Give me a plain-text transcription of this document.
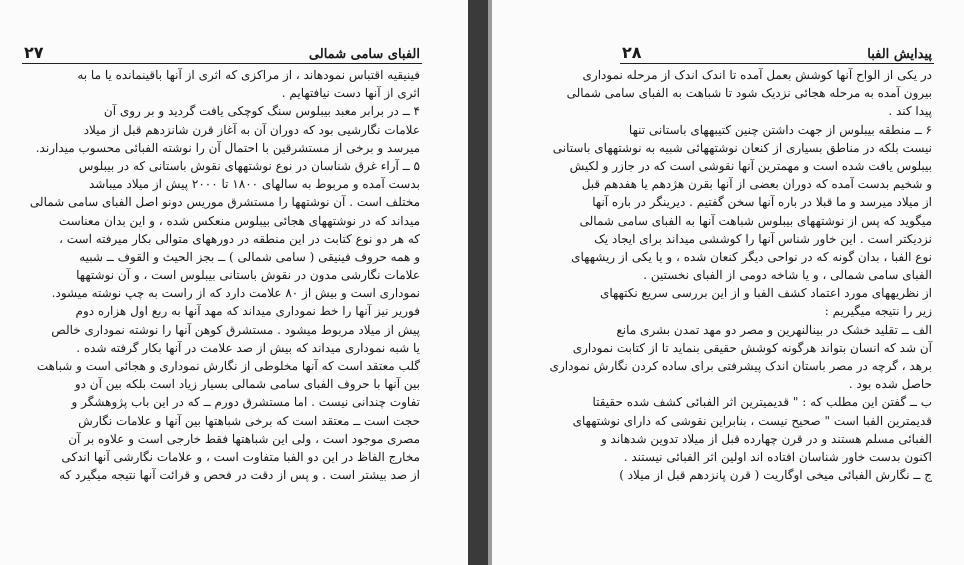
الفبای سامی شمالی
۲۷
فینیقیه اقتباس نمودهاند ، از مراکزی که اثری از آنها باقینمانده یا ما به
اثری از آنها دست نیافتهایم .
۴ ــ در برابر معبد بیبلوس سنگ کوچکی یافت گردید و بر روی آن
علامات نگارشیی بود که دوران آن به آغاز قرن شانزدهم قبل از میلاد
میرسد و برخی از مستشرقین با احتمال آن را نوشته الفبائی محسوب میدارند.
۵ ــ آراء غرق شناسان در نوع نوشتههای نقوش باستانی که در بیبلوس
بدست آمده و مربوط به سالهای ۱۸۰۰ تا ۲۰۰۰ پیش از میلاد میباشد
مختلف است . آن نوشتهها را مستشرق موریس دونو اصل الفبای سامی شمالی
میداند که در نوشتههای هجائی بیبلوس منعکس شده ، و این بدان معناست
که هر دو نوع کتابت در این منطقه در دورههای متوالی بکار میرفته است ،
و همه حروف فینیقی ( سامی شمالی ) ــ بجز الحیث و القوف ــ شبیه
علامات نگارشی مدون در نقوش باستانی بیبلوس است ، و آن نوشتهها
نموداری است و بیش از ۸۰ علامت دارد که از راست به چپ نوشته میشود.
فوریر نیز آنها را خط نموداری میداند که مهد آنها به ربع اول هزاره دوم
پیش از میلاد مربوط میشود . مستشرق کوهن آنها را نوشته نموداری خالص
یا شبه نموداری میداند که بیش از صد علامت در آنها بکار گرفته شده .
گلب معتقد است که آنها مخلوطی از نگارش نموداری و هجائی است و شباهت
بین آنها با حروف الفبای سامی شمالی بسیار زیاد است بلکه بین آن دو
تفاوت چندانی نیست . اما مستشرق دورم ــ که در این باب پژوهشگر و
حجت است ــ معتقد است که برخی شباهتها بین آنها و علامات نگارش
مصری موجود است ، ولی این شباهتها فقط خارجی است و علاوه بر آن
مخارج الفاظ در این دو الفبا متفاوت است ، و علامات نگارشی آنها اندکی
از صد بیشتر است . و پس از دقت در فحص و قرائت آنها نتیجه میگیرد که
پیدایش الفبا
۲۸
در یکی از الواح آنها کوشش بعمل آمده تا اندک اندک از مرحله نموداری
بیرون آمده به مرحله هجائی نزدیک شود تا شباهت به الفبای سامی شمالی
پیدا کند .
۶ ــ منطقه بیبلوس از جهت داشتن چنین کتیبههای باستانی تنها
نیست بلکه در مناطق بسیاری از کنعان نوشتههائی شبیه به نوشتههای باستانی
بیبلوس یافت شده است و مهمترین آنها نقوشی است که در جازر و لکیش
و شخیم بدست آمده که دوران بعضی از آنها بقرن هژدهم یا هفدهم قبل
از میلاد میرسد و ما قبلا در باره آنها سخن گفتیم . دیرینگر در باره آنها
میگوید که پس از نوشتههای بیبلوس شباهت آنها به الفبای سامی شمالی
نزدیکتر است . این خاور شناس آنها را کوششی میداند برای ایجاد یک
نوع الفبا ، بدان گونه که در نواحی دیگر کنعان شده ، و یا یکی از ریشههای
الفبای سامی شمالی ، و یا شاخه دومی از الفبای نخستین .
از نظریههای مورد اعتماد کشف الفبا و از این بررسی سریع نکتههای
زیر را نتیجه میگیریم :
الف ــ تقلید خشک در بینالنهرین و مصر دو مهد تمدن بشری مانع
آن شد که انسان بتواند هرگونه کوشش حقیقی بنماید تا از کتابت نموداری
برهد ، گرچه در مصر باستان اندک پیشرفتی برای ساده کردن نگارش نموداری
حاصل شده بود .
ب ــ گفتن این مطلب که : " قدیمیترین اثر الفبائی کشف شده حقیقتا
قدیمترین الفبا است " صحیح نیست ، بنابراین نقوشی که دارای نوشتههای
الفبائی مسلم هستند و در قرن چهارده قبل از میلاد تدوین شدهاند و
اکنون بدست خاور شناسان افتاده اند اولین اثر الفبائی نیستند .
ج ــ نگارش الفبائی میخی اوگاریت ( قرن پانزدهم قبل از میلاد )
